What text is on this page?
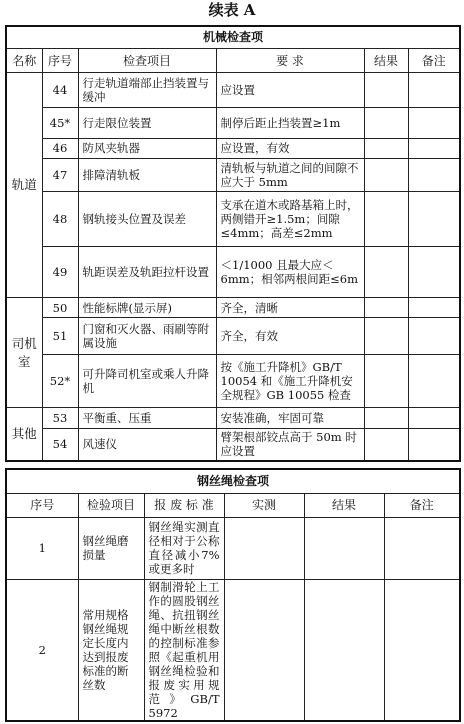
续表 A
机械检查项					
名称	序号	检查项目	要 求	结果	备注
轨道	44	行走轨道端部止挡装置与缓冲	应设置		
	45*	行走限位装置	制停后距止挡装置≥1m		
	46	防风夹轨器	应设置，有效		
	47	排障清轨板	清轨板与轨道之间的间隙不应大于 5mm		
	48	钢轨接头位置及误差	支承在道木或路基箱上时，两侧错开≥1.5m；间隙≤4mm；高差≤2mm		
	49	轨距误差及轨距拉杆设置	＜1/1000 且最大应＜6mm；相邻两根间距≤6m		
司机室	50	性能标牌(显示屏)	齐全，清晰		
	51	门窗和灭火器、雨刷等附属设施	齐全，有效		
	52*	可升降司机室或乘人升降机	按《施工升降机》GB/T 10054 和《施工升降机安全规程》GB 10055 检查		
其他	53	平衡重、压重	安装准确，牢固可靠		
	54	风速仪	臂架根部铰点高于 50m 时应设置		
钢丝绳检查项					
序号	检验项目	报 废 标 准	实测	结果	备注
1	钢丝绳磨损量	钢丝绳实测直径相对于公称直径减小7%或更多时			
2	常用规格钢丝绳规定长度内达到报废标准的断丝数	钢制滑轮上工作的圆股钢丝绳、抗扭钢丝绳中断丝根数的控制标准参照《起重机用钢丝绳检验和报废实用规范》GB/T 5972			
